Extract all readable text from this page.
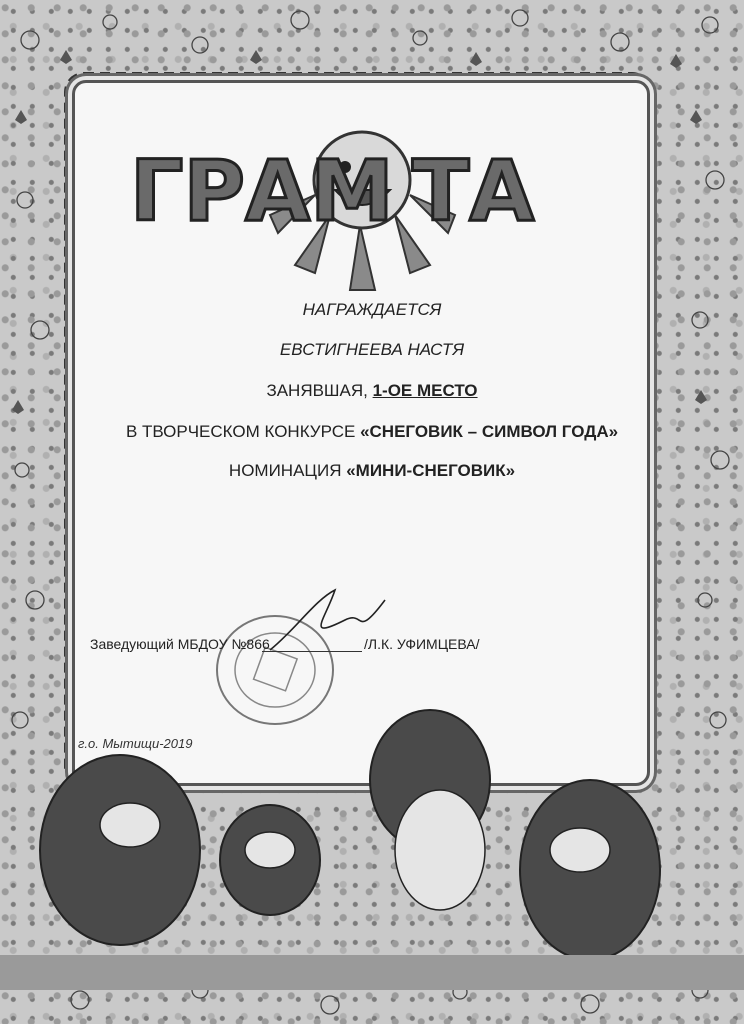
ГРАМ ТА
НАГРАЖДАЕТСЯ
ЕВСТИГНЕЕВА НАСТЯ
ЗАНЯВШАЯ, 1-ОЕ МЕСТО
В ТВОРЧЕСКОМ КОНКУРСЕ «СНЕГОВИК – СИМВОЛ ГОДА»
НОМИНАЦИЯ «МИНИ-СНЕГОВИК»
Заведующий МБДОУ №866	/Л.К. УФИМЦЕВА/
г.о. Мытищи-2019
